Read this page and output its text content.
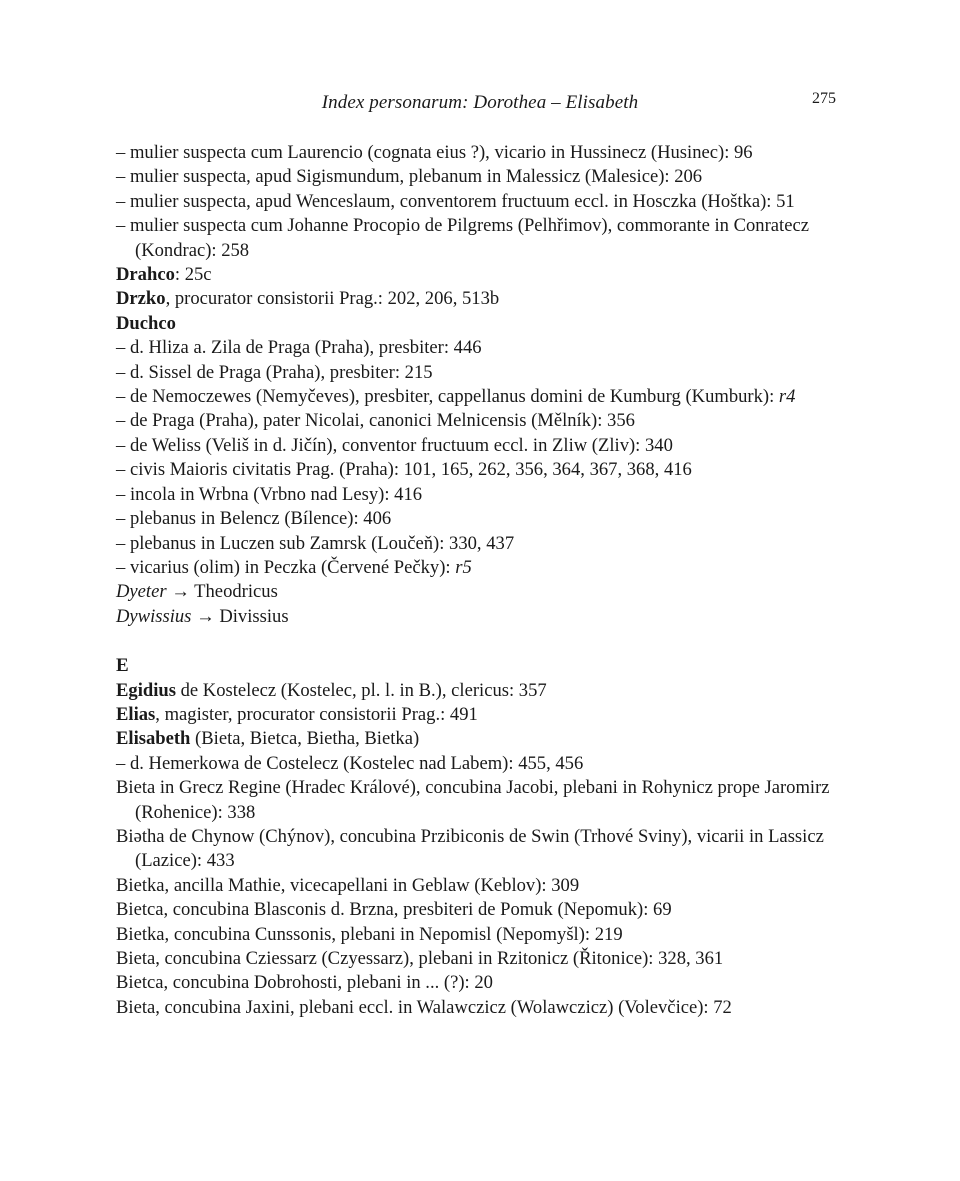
Index personarum: Dorothea – Elisabeth	275

– mulier suspecta cum Laurencio (cognata eius ?), vicario in Hussinecz (Husinec): 96

– mulier suspecta, apud Sigismundum, plebanum in Malessicz (Malesice): 206

– mulier suspecta, apud Wenceslaum, conventorem fructuum eccl. in Hosczka (Hoštka): 51

– mulier suspecta cum Johanne Procopio de Pilgrems (Pelhřimov), commorante in Conratecz (Kondrac): 258

Drahco: 25c

Drzko, procurator consistorii Prag.: 202, 206, 513b

Duchco

– d. Hliza a. Zila de Praga (Praha), presbiter: 446

– d. Sissel de Praga (Praha), presbiter: 215

– de Nemoczewes (Nemyčeves), presbiter, cappellanus domini de Kumburg (Kumburk): r4

– de Praga (Praha), pater Nicolai, canonici Melnicensis (Mělník): 356

– de Weliss (Veliš in d. Jičín), conventor fructuum eccl. in Zliw (Zliv): 340

– civis Maioris civitatis Prag. (Praha): 101, 165, 262, 356, 364, 367, 368, 416

– incola in Wrbna (Vrbno nad Lesy): 416

– plebanus in Belencz (Bílence): 406

– plebanus in Luczen sub Zamrsk (Loučeň): 330, 437

– vicarius (olim) in Peczka (Červené Pečky): r5

Dyeter → Theodricus

Dywissius → Divissius

E

Egidius de Kostelecz (Kostelec, pl. l. in B.), clericus: 357

Elias, magister, procurator consistorii Prag.: 491

Elisabeth (Bieta, Bietca, Bietha, Bietka)

– d. Hemerkowa de Costelecz (Kostelec nad Labem): 455, 456

Bieta in Grecz Regine (Hradec Králové), concubina Jacobi, plebani in Rohynicz prope Jaromirz (Rohenice): 338

Biətha de Chynow (Chýnov), concubina Przibiconis de Swin (Trhové Sviny), vicarii in Lassicz (Lazice): 433

Bietka, ancilla Mathie, vicecapellani in Geblaw (Keblov): 309

Bietca, concubina Blasconis d. Brzna, presbiteri de Pomuk (Nepomuk): 69

Bietka, concubina Cunssonis, plebani in Nepomisl (Nepomyšl): 219

Bieta, concubina Cziessarz (Czyessarz), plebani in Rzitonicz (Řitonice): 328, 361

Bietca, concubina Dobrohosti, plebani in ... (?): 20

Bieta, concubina Jaxini, plebani eccl. in Walawczicz (Wolawczicz) (Volevčice): 72
